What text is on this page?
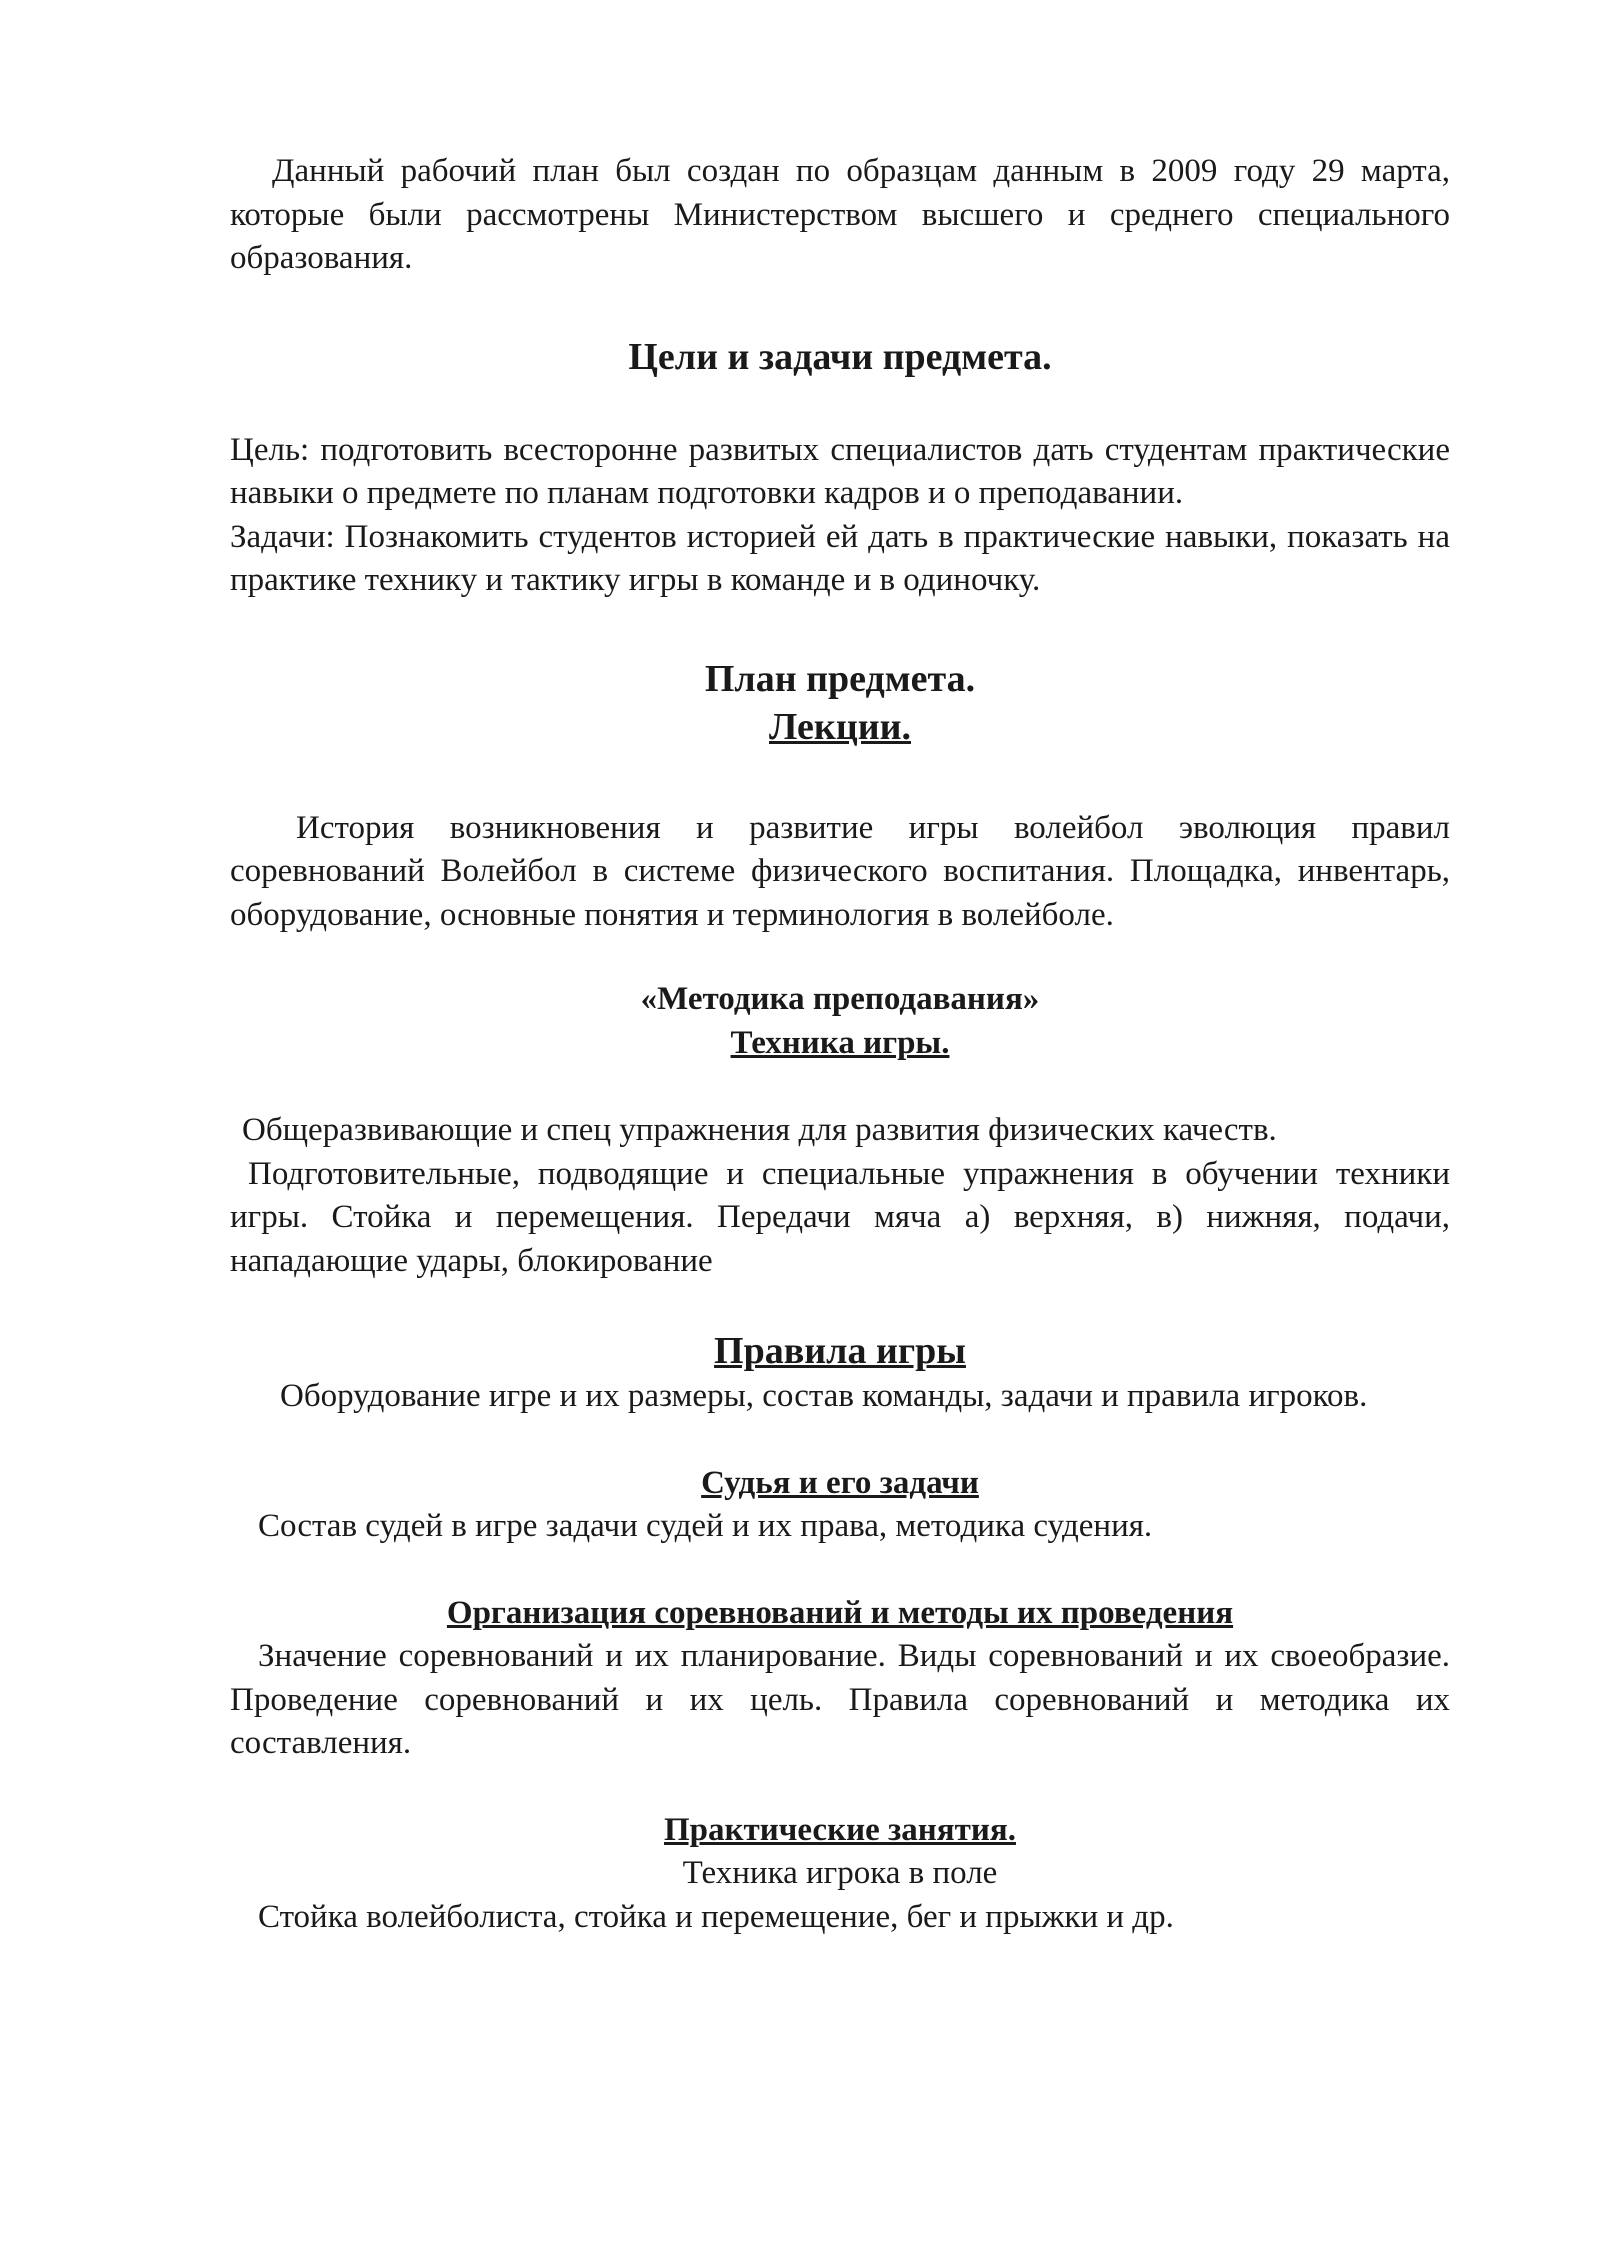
Данный рабочий план был создан по образцам данным в 2009 году 29 марта, которые были рассмотрены Министерством высшего и среднего специального образования.

Цели и задачи предмета.

Цель: подготовить всесторонне развитых специалистов дать студентам практические навыки о предмете по планам подготовки кадров и о преподавании.

Задачи: Познакомить студентов историей ей дать в практические навыки, показать на практике технику и тактику игры в команде и в одиночку.

План предмета.
Лекции.

История возникновения и развитие игры волейбол эволюция правил соревнований Волейбол в системе физического воспитания. Площадка, инвентарь, оборудование, основные понятия и терминология в волейболе.

«Методика преподавания»
Техника игры.

Общеразвивающие и спец упражнения для развития физических качеств.

Подготовительные, подводящие и специальные упражнения в обучении техники игры. Стойка и перемещения. Передачи мяча а) верхняя, в) нижняя, подачи, нападающие удары, блокирование

Правила игры

Оборудование игре и их размеры, состав команды, задачи и правила игроков.

Судья и его задачи

Состав судей в игре задачи судей и их права, методика судения.

Организация соревнований и методы их проведения

Значение соревнований и их планирование. Виды соревнований и их своеобразие. Проведение соревнований и их цель. Правила соревнований и методика их составления.

Практические занятия.

Техника игрока в поле

Стойка волейболиста, стойка и перемещение, бег и прыжки и др.
